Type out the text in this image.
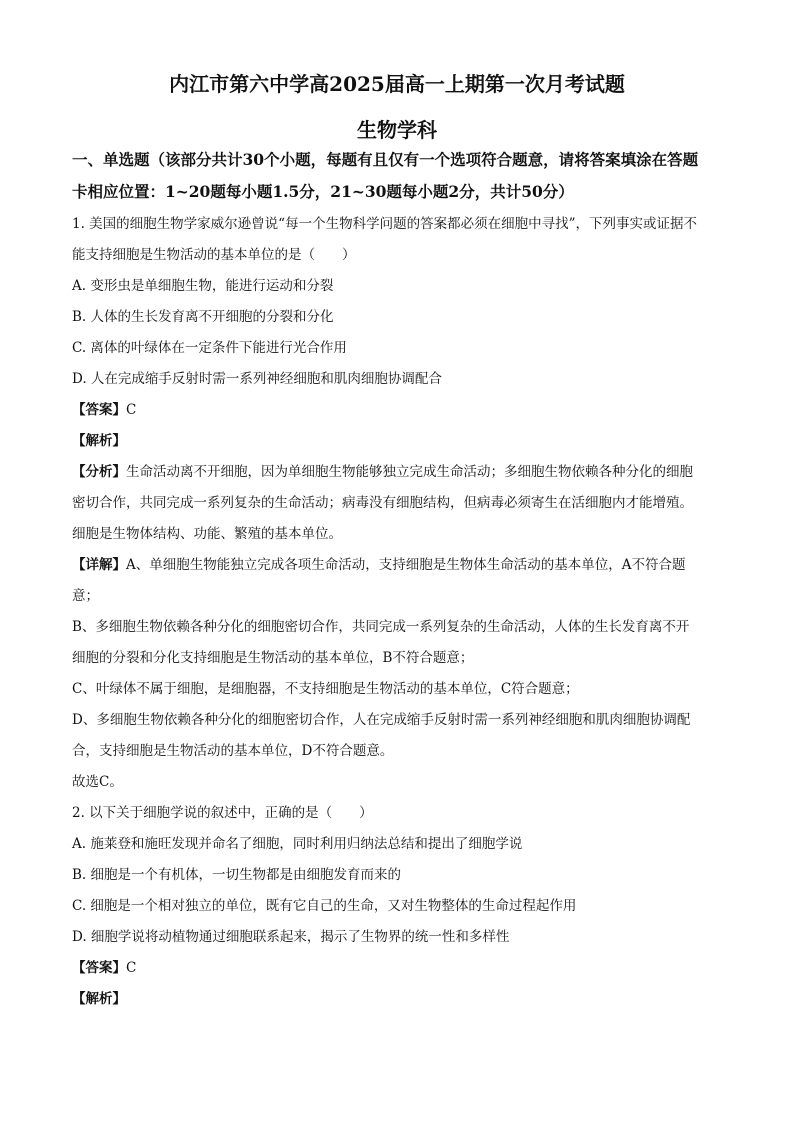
内江市第六中学高2025届高一上期第一次月考试题
生物学科
一、单选题（该部分共计30个小题，每题有且仅有一个选项符合题意，请将答案填涂在答题
卡相应位置：1~20题每小题1.5分，21~30题每小题2分，共计50分）
1. 美国的细胞生物学家威尔逊曾说“每一个生物科学问题的答案都必须在细胞中寻找”，下列事实或证据不
能支持细胞是生物活动的基本单位的是（　　）
A. 变形虫是单细胞生物，能进行运动和分裂
B. 人体的生长发育离不开细胞的分裂和分化
C. 离体的叶绿体在一定条件下能进行光合作用
D. 人在完成缩手反射时需一系列神经细胞和肌肉细胞协调配合
【答案】C
【解析】
【分析】生命活动离不开细胞，因为单细胞生物能够独立完成生命活动；多细胞生物依赖各种分化的细胞
密切合作，共同完成一系列复杂的生命活动；病毒没有细胞结构，但病毒必须寄生在活细胞内才能增殖。
细胞是生物体结构、功能、繁殖的基本单位。
【详解】A、单细胞生物能独立完成各项生命活动，支持细胞是生物体生命活动的基本单位，A不符合题
意；
B、多细胞生物依赖各种分化的细胞密切合作，共同完成一系列复杂的生命活动，人体的生长发育离不开
细胞的分裂和分化支持细胞是生物活动的基本单位，B不符合题意；
C、叶绿体不属于细胞，是细胞器，不支持细胞是生物活动的基本单位，C符合题意；
D、多细胞生物依赖各种分化的细胞密切合作，人在完成缩手反射时需一系列神经细胞和肌肉细胞协调配
合，支持细胞是生物活动的基本单位，D不符合题意。
故选C。
2. 以下关于细胞学说的叙述中，正确的是（　　）
A. 施莱登和施旺发现并命名了细胞，同时利用归纳法总结和提出了细胞学说
B. 细胞是一个有机体，一切生物都是由细胞发育而来的
C. 细胞是一个相对独立的单位，既有它自己的生命，又对生物整体的生命过程起作用
D. 细胞学说将动植物通过细胞联系起来，揭示了生物界的统一性和多样性
【答案】C
【解析】
